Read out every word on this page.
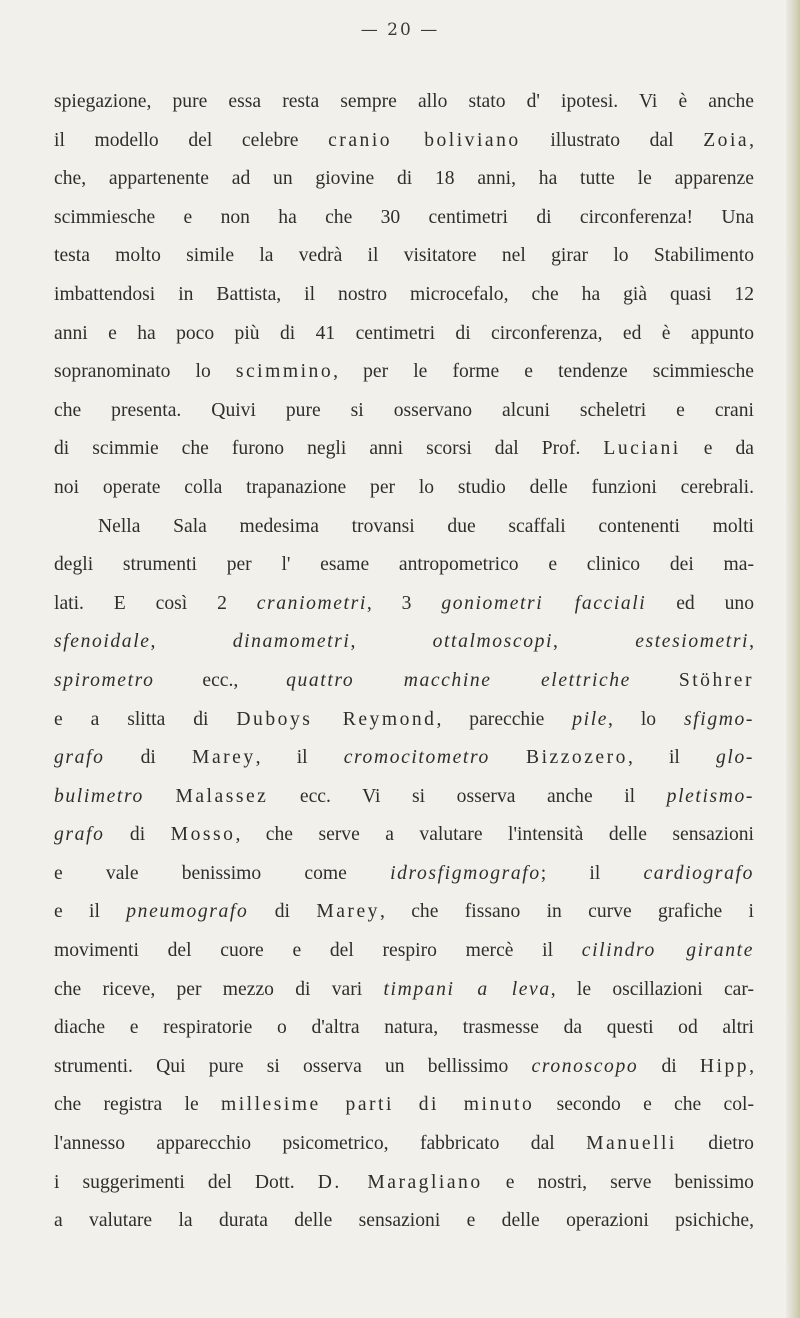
— 20 —
spiegazione, pure essa resta sempre allo stato d' ipotesi. Vi è anche
il modello del celebre cranio boliviano illustrato dal Zoia,
che, appartenente ad un giovine di 18 anni, ha tutte le apparenze
scimmiesche e non ha che 30 centimetri di circonferenza! Una
testa molto simile la vedrà il visitatore nel girar lo Stabilimento
imbattendosi in Battista, il nostro microcefalo, che ha già quasi 12
anni e ha poco più di 41 centimetri di circonferenza, ed è appunto
sopranominato lo scimmino, per le forme e tendenze scimmiesche
che presenta. Quivi pure si osservano alcuni scheletri e crani
di scimmie che furono negli anni scorsi dal Prof. Luciani e da
noi operate colla trapanazione per lo studio delle funzioni cerebrali.
Nella Sala medesima trovansi due scaffali contenenti molti
degli strumenti per l' esame antropometrico e clinico dei ma-
lati. E così 2 craniometri, 3 goniometri facciali ed uno
sfenoidale, dinamometri, ottalmoscopi, estesiometri,
spirometro ecc., quattro macchine elettriche Stöhrer
e a slitta di Duboys Reymond, parecchie pile, lo sfigmo-
grafo di Marey, il cromocitometro Bizzozero, il glo-
bulimetro Malassez ecc. Vi si osserva anche il pletismo-
grafo di Mosso, che serve a valutare l'intensità delle sensazioni
e vale benissimo come idrosfigmografo; il cardiografo
e il pneumografo di Marey, che fissano in curve grafiche i
movimenti del cuore e del respiro mercè il cilindro girante
che riceve, per mezzo di vari timpani a leva, le oscillazioni car-
diache e respiratorie o d'altra natura, trasmesse da questi od altri
strumenti. Qui pure si osserva un bellissimo cronoscopo di Hipp,
che registra le millesime parti di minuto secondo e che col-
l'annesso apparecchio psicometrico, fabbricato dal Manuelli dietro
i suggerimenti del Dott. D. Maragliano e nostri, serve benissimo
a valutare la durata delle sensazioni e delle operazioni psichiche,
